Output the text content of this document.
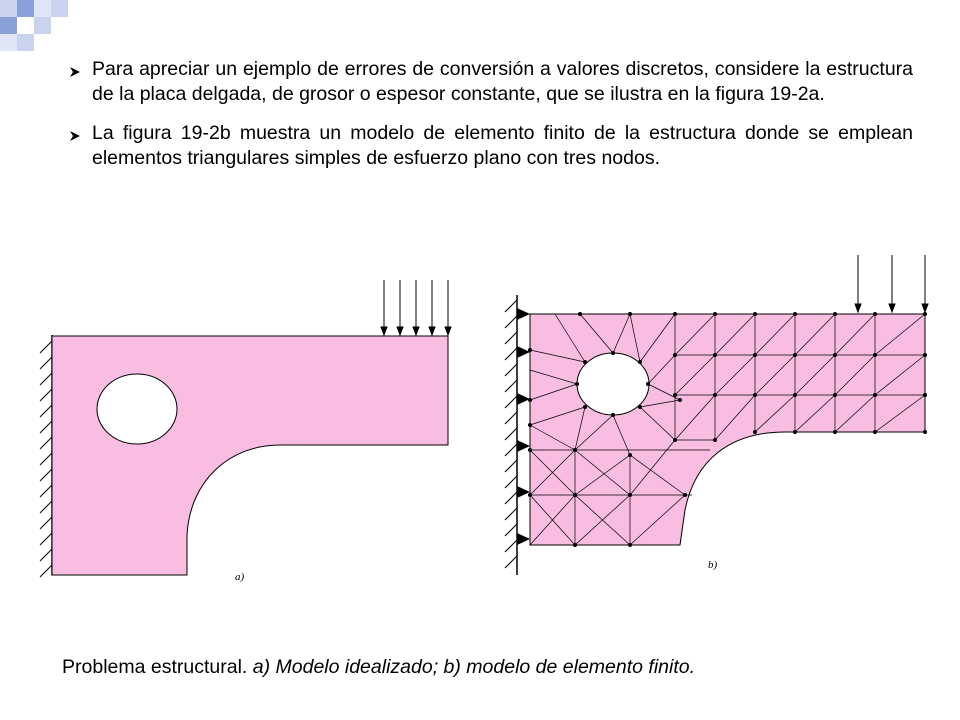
Para apreciar un ejemplo de errores de conversión a valores discretos, considere la estructura de la placa delgada, de grosor o espesor constante, que se ilustra en la figura 19-2a.
La figura 19-2b muestra un modelo de elemento finito de la estructura donde se emplean elementos triangulares simples de esfuerzo plano con tres nodos.
a)
b)
Problema estructural. a) Modelo idealizado; b) modelo de elemento finito.
